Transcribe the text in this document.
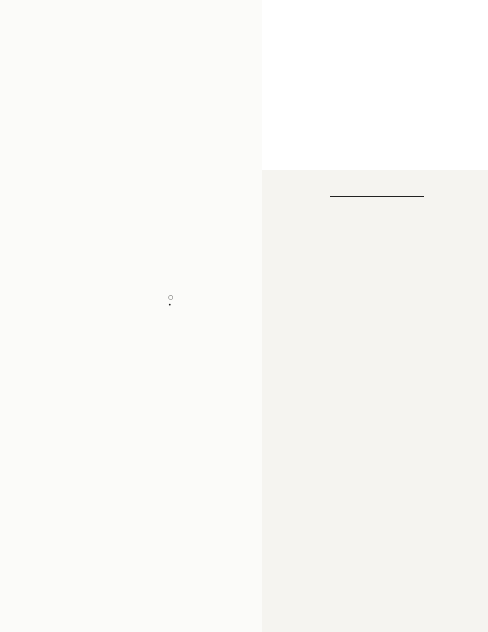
○
•
